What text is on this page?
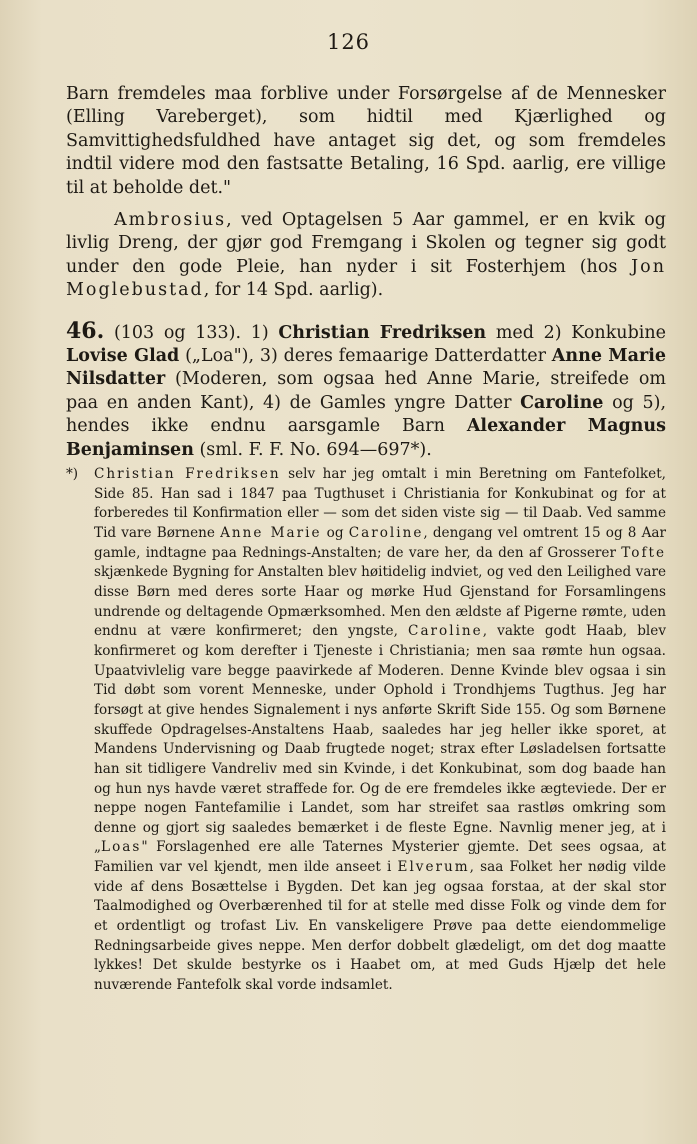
126

Barn fremdeles maa forblive under Forsørgelse af de Mennesker (Elling Vareberget), som hidtil med Kjærlighed og Samvittighedsfuldhed have antaget sig det, og som fremdeles indtil videre mod den fastsatte Betaling, 16 Spd. aarlig, ere villige til at beholde det."

Ambrosius, ved Optagelsen 5 Aar gammel, er en kvik og livlig Dreng, der gjør god Fremgang i Skolen og tegner sig godt under den gode Pleie, han nyder i sit Fosterhjem (hos Jon Moglebustad, for 14 Spd. aarlig).

46. (103 og 133). 1) Christian Fredriksen med 2) Konkubine Lovise Glad („Loa"), 3) deres femaarige Datterdatter Anne Marie Nilsdatter (Moderen, som ogsaa hed Anne Marie, streifede om paa en anden Kant), 4) de Gamles yngre Datter Caroline og 5), hendes ikke endnu aarsgamle Barn Alexander Magnus Benjaminsen (sml. F. F. No. 694—697*).

*) Christian Fredriksen selv har jeg omtalt i min Beretning om Fantefolket, Side 85. Han sad i 1847 paa Tugthuset i Christiania for Konkubinat og for at forberedes til Konfirmation eller — som det siden viste sig — til Daab. Ved samme Tid vare Børnene Anne Marie og Caroline, dengang vel omtrent 15 og 8 Aar gamle, indtagne paa Rednings-Anstalten; de vare her, da den af Grosserer Tofte skjænkede Bygning for Anstalten blev høitidelig indviet, og ved den Leilighed vare disse Børn med deres sorte Haar og mørke Hud Gjenstand for Forsamlingens undrende og deltagende Opmærksomhed. Men den ældste af Pigerne rømte, uden endnu at være konfirmeret; den yngste, Caroline, vakte godt Haab, blev konfirmeret og kom derefter i Tjeneste i Christiania; men saa rømte hun ogsaa. Upaatvivlelig vare begge paavirkede af Moderen. Denne Kvinde blev ogsaa i sin Tid døbt som vorent Menneske, under Ophold i Trondhjems Tugthus. Jeg har forsøgt at give hendes Signalement i nys anførte Skrift Side 155. Og som Børnene skuffede Opdragelses-Anstaltens Haab, saaledes har jeg heller ikke sporet, at Mandens Undervisning og Daab frugtede noget; strax efter Løsladelsen fortsatte han sit tidligere Vandreliv med sin Kvinde, i det Konkubinat, som dog baade han og hun nys havde været straffede for. Og de ere fremdeles ikke ægteviede. Der er neppe nogen Fantefamilie i Landet, som har streifet saa rastløs omkring som denne og gjort sig saaledes bemærket i de fleste Egne. Navnlig mener jeg, at i „Loas" Forslagenhed ere alle Taternes Mysterier gjemte. Det sees ogsaa, at Familien var vel kjendt, men ilde anseet i Elverum, saa Folket her nødig vilde vide af dens Bosættelse i Bygden. Det kan jeg ogsaa forstaa, at der skal stor Taalmodighed og Overbærenhed til for at stelle med disse Folk og vinde dem for et ordentligt og trofast Liv. En vanskeligere Prøve paa dette eiendommelige Redningsarbeide gives neppe. Men derfor dobbelt glædeligt, om det dog maatte lykkes! Det skulde bestyrke os i Haabet om, at med Guds Hjælp det hele nuværende Fantefolk skal vorde indsamlet.
